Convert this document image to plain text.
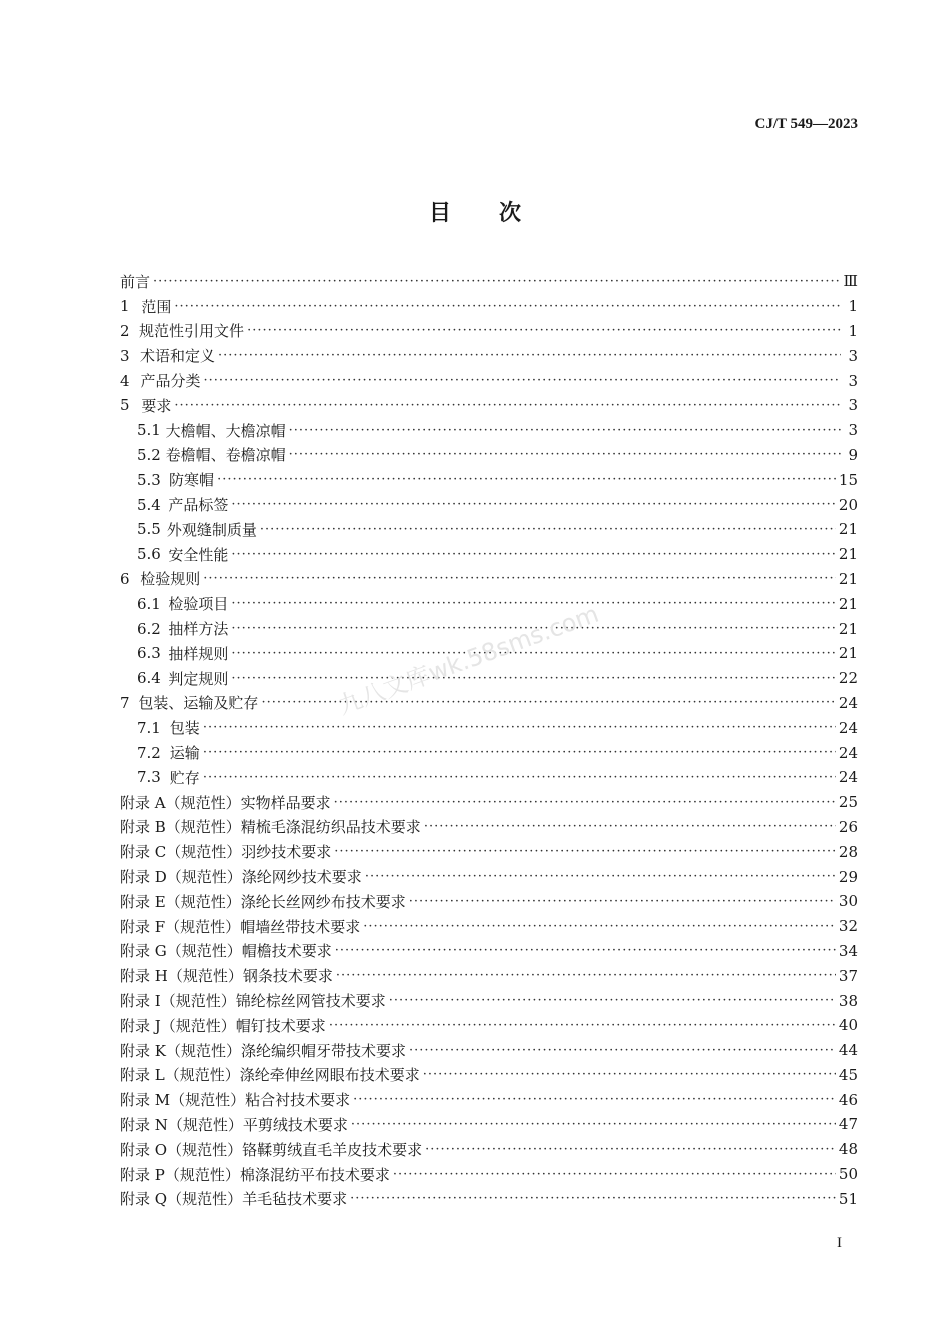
CJ/T 549—2023
目次
前言 ·····	Ⅲ
1 范围 ·····	1
2 规范性引用文件 ·····	1
3 术语和定义 ·····	3
4 产品分类 ·····	3
5 要求 ·····	3
5.1 大檐帽、大檐凉帽 ·····	3
5.2 卷檐帽、卷檐凉帽 ·····	9
5.3 防寒帽 ·····	15
5.4 产品标签 ·····	20
5.5 外观缝制质量 ·····	21
5.6 安全性能 ·····	21
6 检验规则 ·····	21
6.1 检验项目 ·····	21
6.2 抽样方法 ·····	21
6.3 抽样规则 ·····	21
6.4 判定规则 ·····	22
7 包装、运输及贮存 ·····	24
7.1 包装 ·····	24
7.2 运输 ·····	24
7.3 贮存 ·····	24
附录 A（规范性） 实物样品要求 ·····	25
附录 B（规范性） 精梳毛涤混纺织品技术要求 ·····	26
附录 C（规范性） 羽纱技术要求 ·····	28
附录 D（规范性） 涤纶网纱技术要求 ·····	29
附录 E（规范性） 涤纶长丝网纱布技术要求 ·····	30
附录 F（规范性） 帽墙丝带技术要求 ·····	32
附录 G（规范性） 帽檐技术要求 ·····	34
附录 H（规范性） 钢条技术要求 ·····	37
附录 I（规范性） 锦纶棕丝网管技术要求 ·····	38
附录 J（规范性） 帽钉技术要求 ·····	40
附录 K（规范性） 涤纶编织帽牙带技术要求 ·····	44
附录 L（规范性） 涤纶牵伸丝网眼布技术要求 ·····	45
附录 M（规范性） 粘合衬技术要求 ·····	46
附录 N（规范性） 平剪绒技术要求 ·····	47
附录 O（规范性） 铬鞣剪绒直毛羊皮技术要求 ·····	48
附录 P（规范性） 棉涤混纺平布技术要求 ·····	50
附录 Q（规范性） 羊毛毡技术要求 ·····	51
九八文库wk.58sms.com
I
